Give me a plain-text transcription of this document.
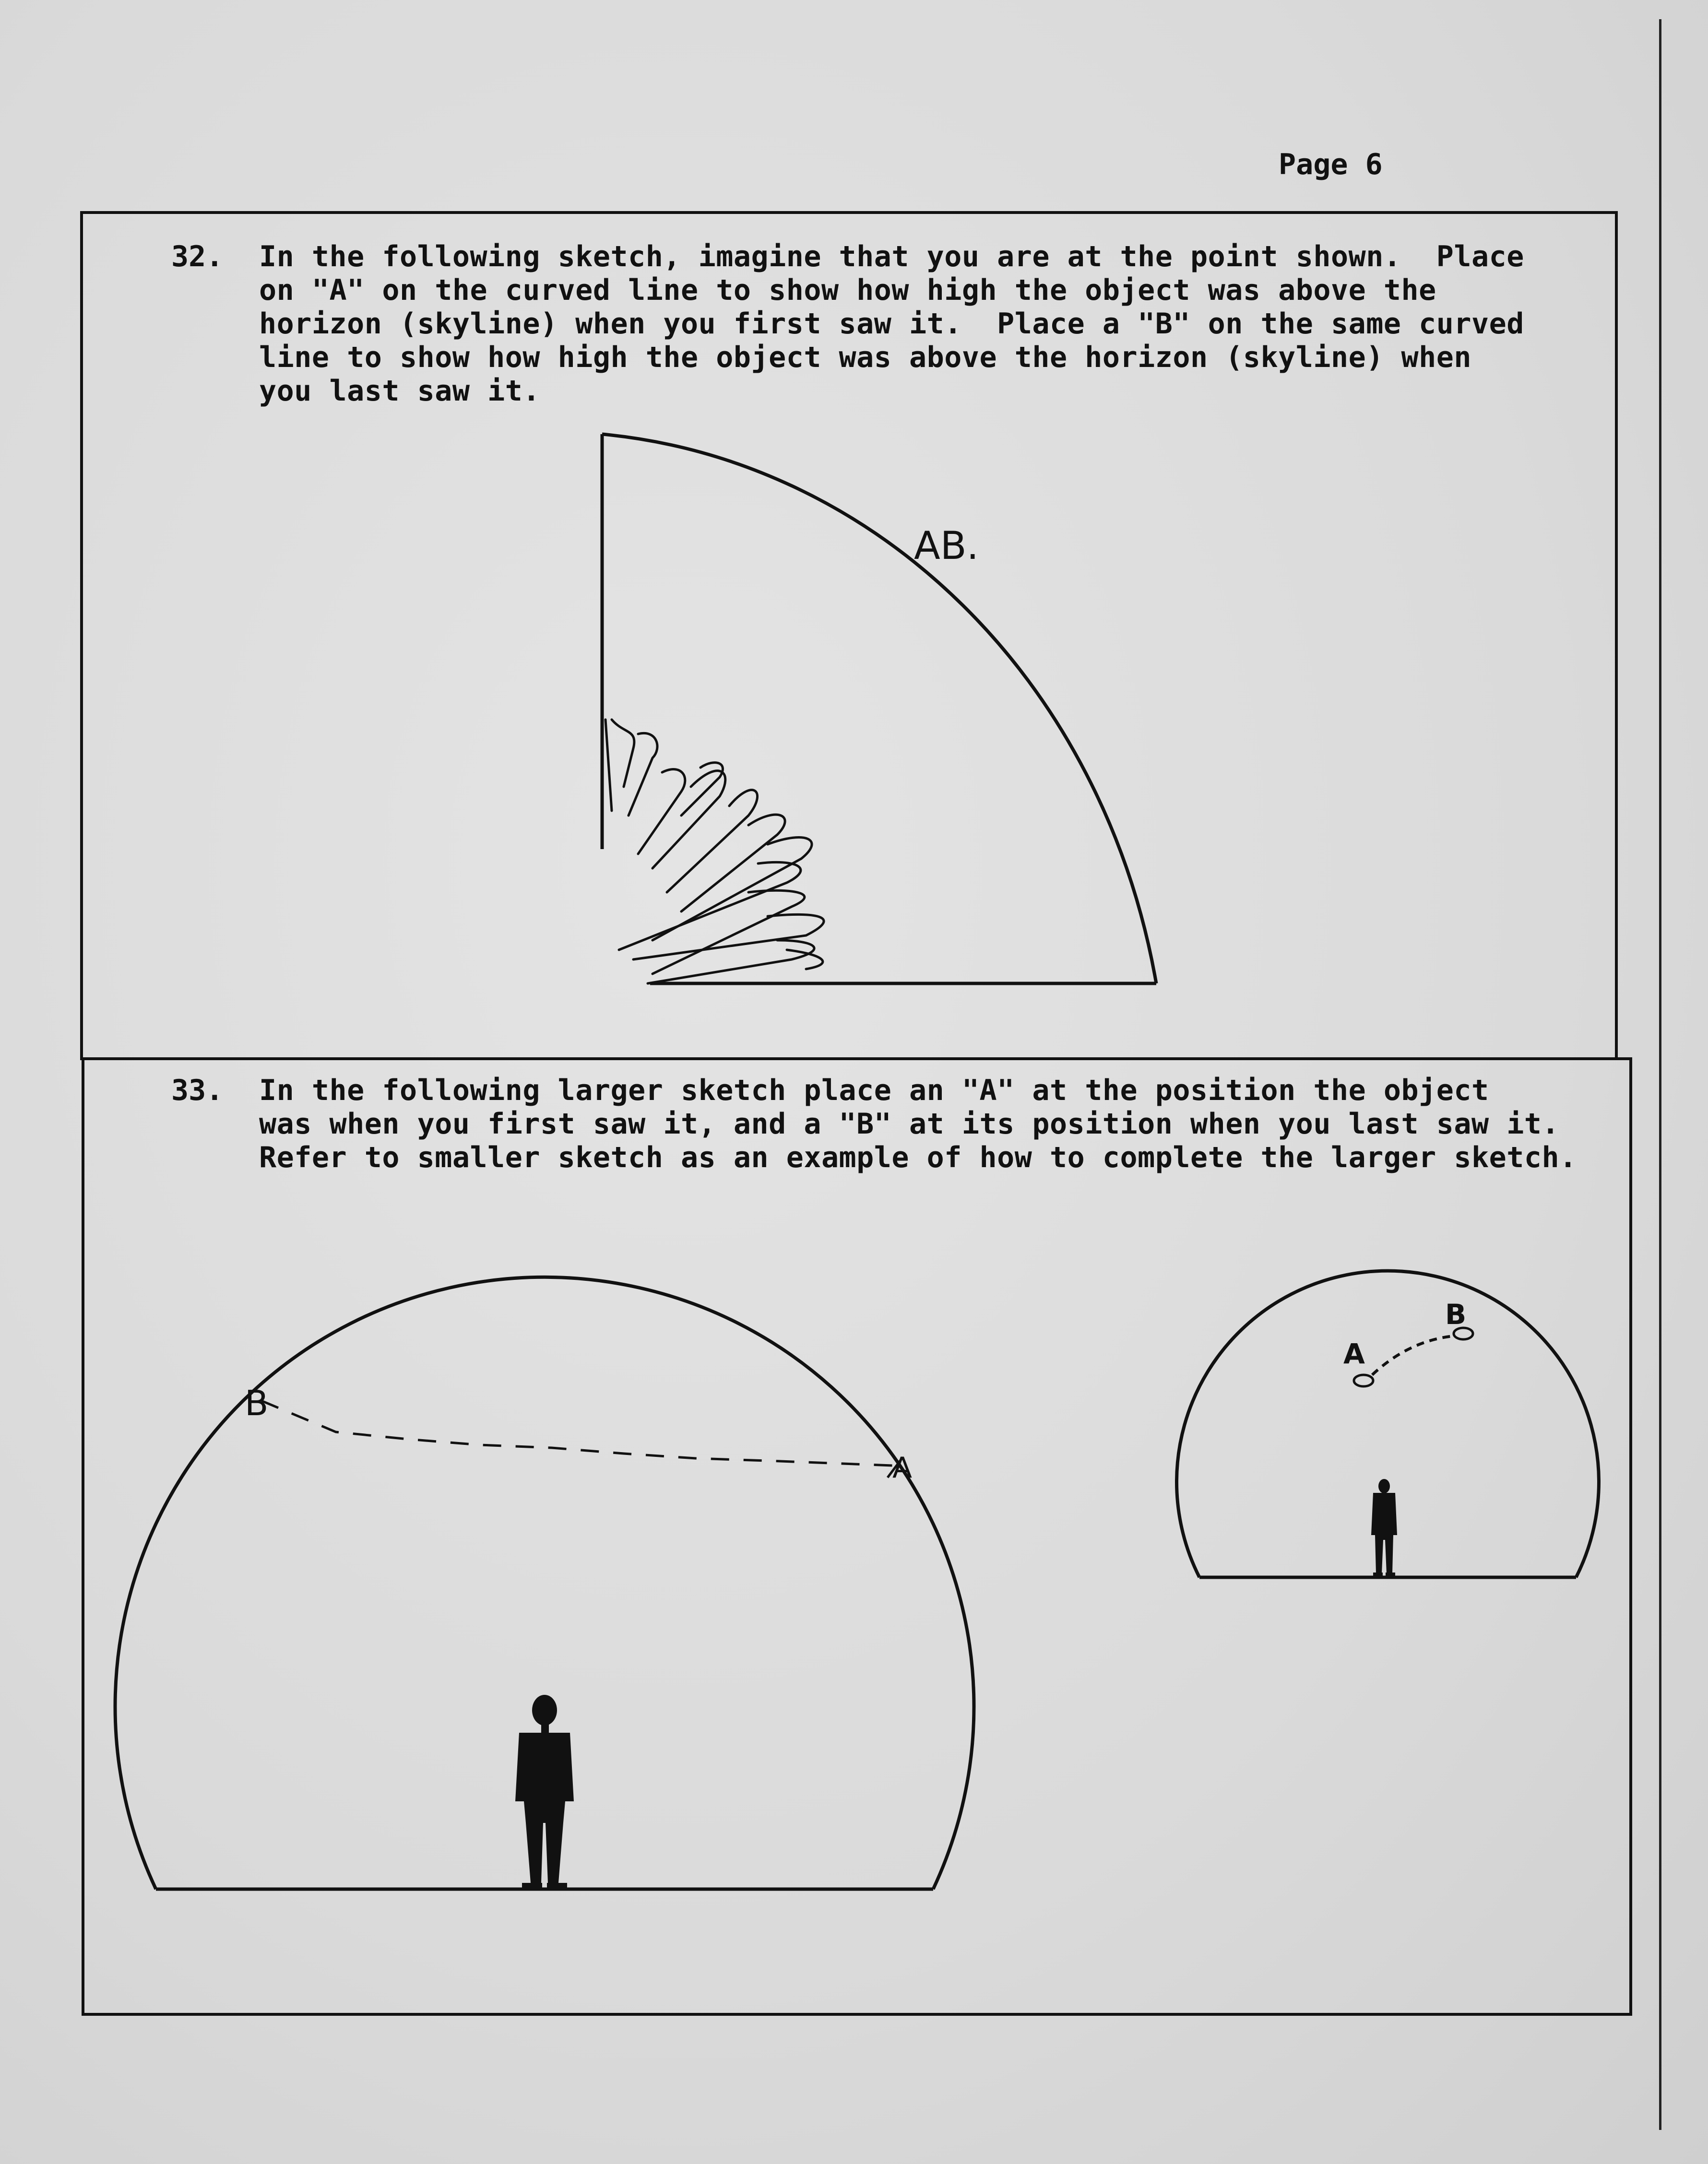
Page 6
32. In the following sketch, imagine that you are at the point shown.  Place
on "A" on the curved line to show how high the object was above the
horizon (skyline) when you first saw it.  Place a "B" on the same curved
line to show how high the object was above the horizon (skyline) when
you last saw it.
33. In the following larger sketch place an "A" at the position the object
was when you first saw it, and a "B" at its position when you last saw it.
Refer to smaller sketch as an example of how to complete the larger sketch.
AB.
B
A
A
B
